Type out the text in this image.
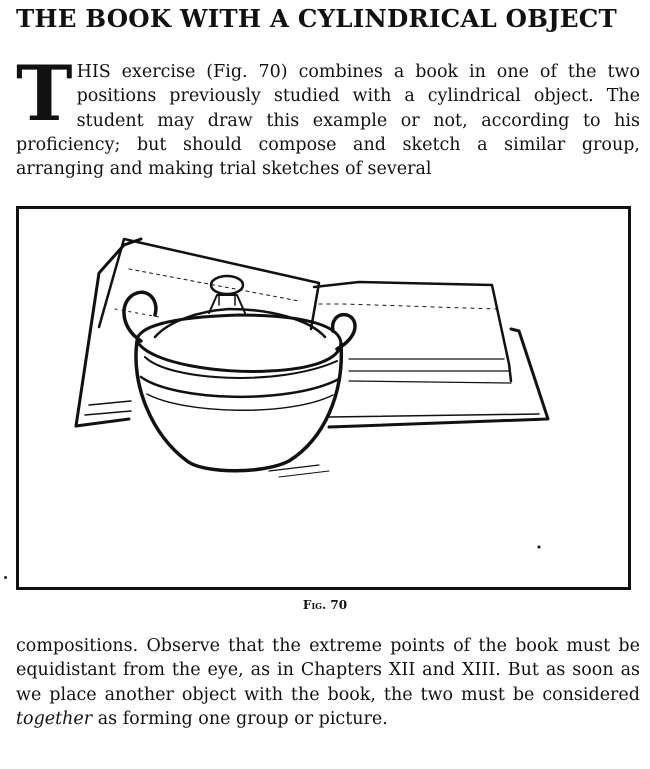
THE BOOK WITH A CYLINDRICAL OBJECT

THIS exercise (Fig. 70) combines a book in one of the two positions previously studied with a cylindrical object. The student may draw this example or not, according to his proficiency; but should compose and sketch a similar group, arranging and making trial sketches of several

Fig. 70

compositions. Observe that the extreme points of the book must be equidistant from the eye, as in Chapters XII and XIII. But as soon as we place another object with the book, the two must be considered together as forming one group or picture.
